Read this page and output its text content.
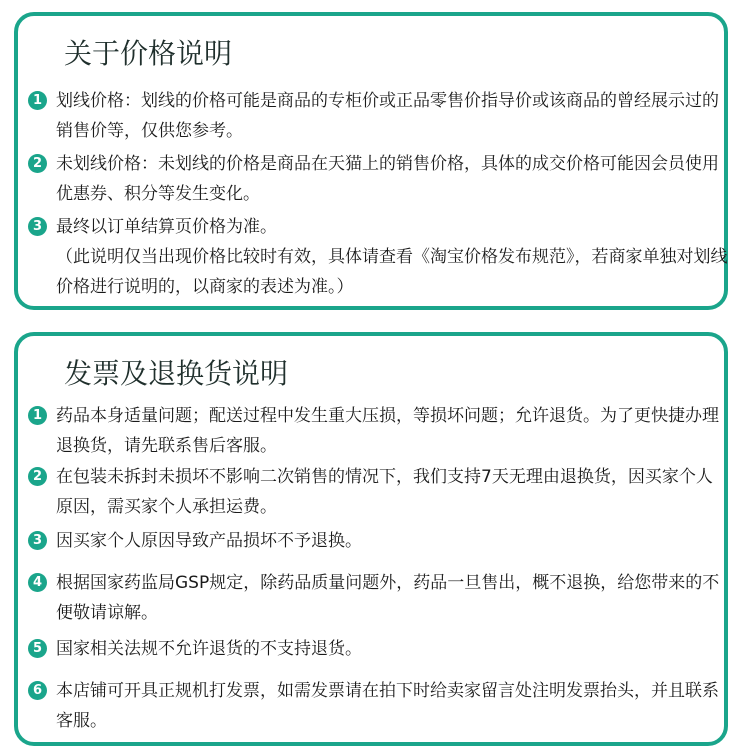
关于价格说明
1 划线价格：划线的价格可能是商品的专柜价或正品零售价指导价或该商品的曾经展示过的销售价等，仅供您参考。

2 未划线价格：未划线的价格是商品在天猫上的销售价格，具体的成交价格可能因会员使用优惠券、积分等发生变化。

3 最终以订单结算页价格为准。

（此说明仅当出现价格比较时有效，具体请查看《淘宝价格发布规范》，若商家单独对划线价格进行说明的，以商家的表述为准。）

发票及退换货说明
1 药品本身适量问题；配送过程中发生重大压损，等损坏问题；允许退货。为了更快捷办理退换货，请先联系售后客服。

2 在包装未拆封未损坏不影响二次销售的情况下，我们支持7天无理由退换货，因买家个人原因，需买家个人承担运费。

3 因买家个人原因导致产品损坏不予退换。

4 根据国家药监局GSP规定，除药品质量问题外，药品一旦售出，概不退换，给您带来的不便敬请谅解。

5 国家相关法规不允许退货的不支持退货。

6 本店铺可开具正规机打发票，如需发票请在拍下时给卖家留言处注明发票抬头，并且联系客服。
